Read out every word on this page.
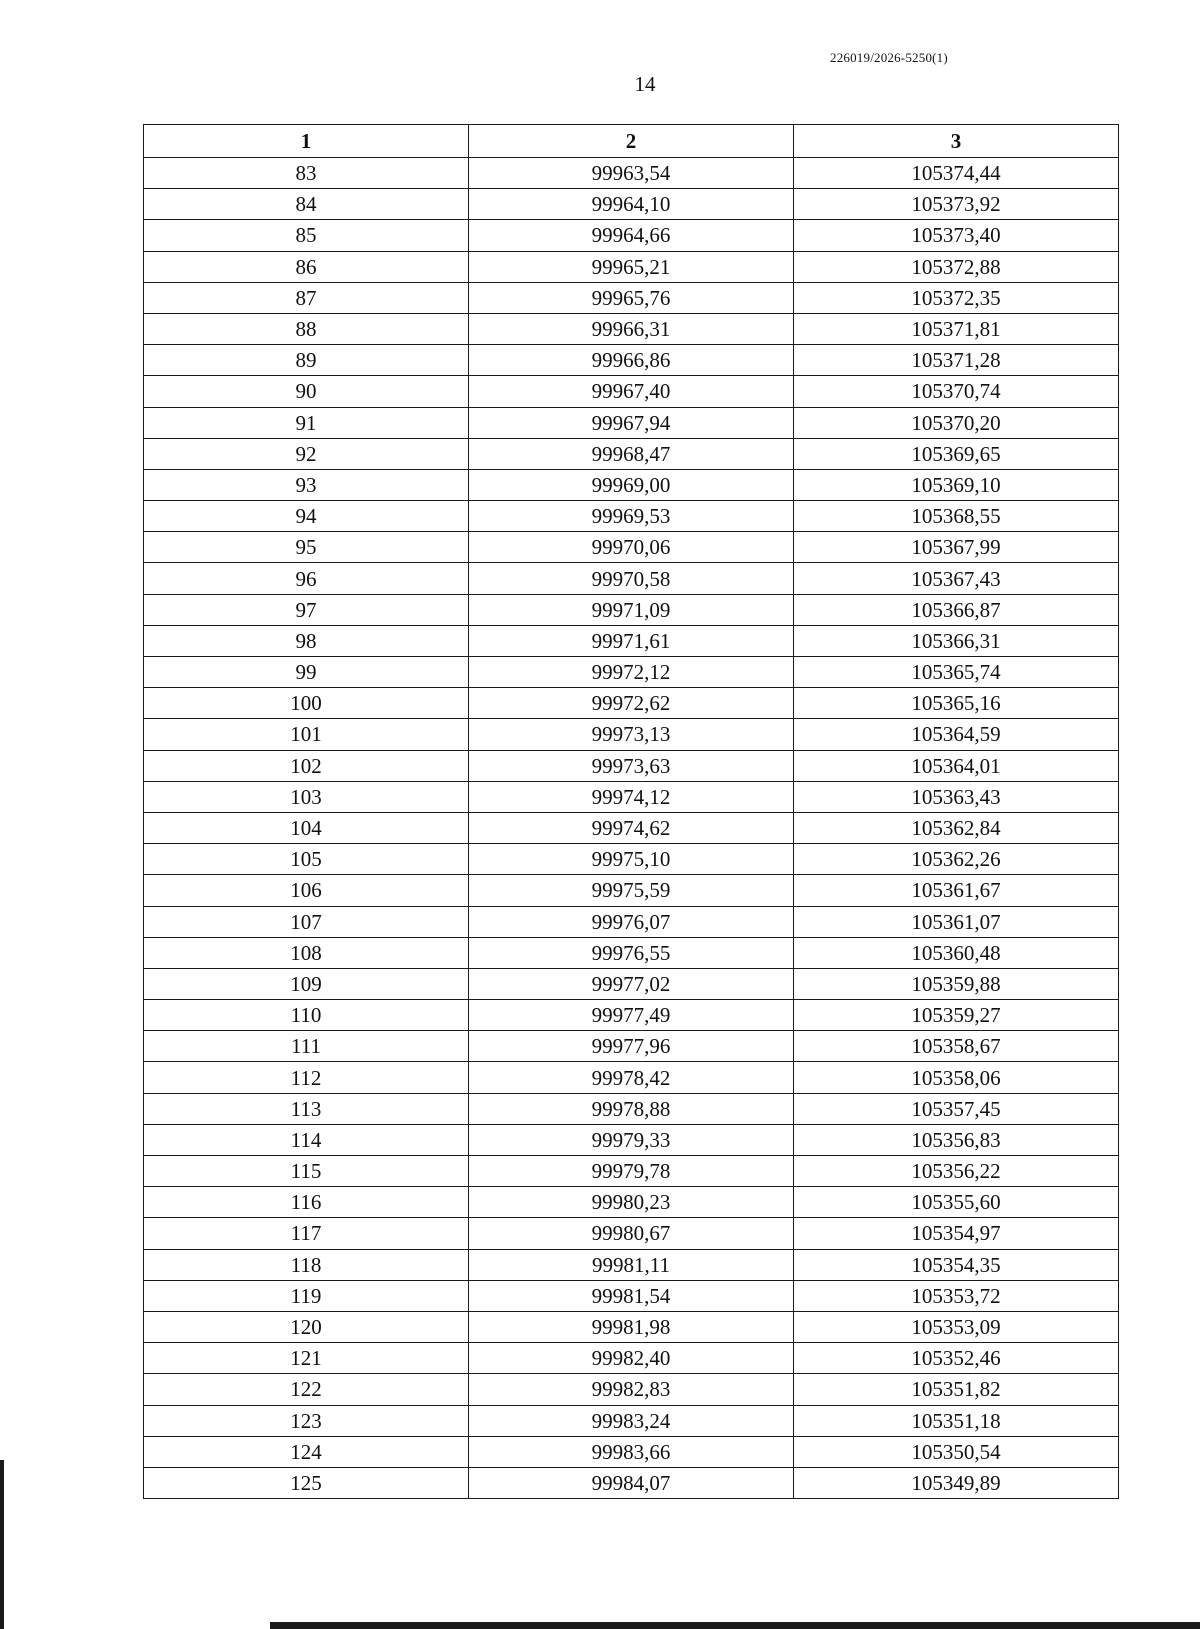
226019/2026-5250(1)
14
1	2	3
83	99963,54	105374,44
84	99964,10	105373,92
85	99964,66	105373,40
86	99965,21	105372,88
87	99965,76	105372,35
88	99966,31	105371,81
89	99966,86	105371,28
90	99967,40	105370,74
91	99967,94	105370,20
92	99968,47	105369,65
93	99969,00	105369,10
94	99969,53	105368,55
95	99970,06	105367,99
96	99970,58	105367,43
97	99971,09	105366,87
98	99971,61	105366,31
99	99972,12	105365,74
100	99972,62	105365,16
101	99973,13	105364,59
102	99973,63	105364,01
103	99974,12	105363,43
104	99974,62	105362,84
105	99975,10	105362,26
106	99975,59	105361,67
107	99976,07	105361,07
108	99976,55	105360,48
109	99977,02	105359,88
110	99977,49	105359,27
111	99977,96	105358,67
112	99978,42	105358,06
113	99978,88	105357,45
114	99979,33	105356,83
115	99979,78	105356,22
116	99980,23	105355,60
117	99980,67	105354,97
118	99981,11	105354,35
119	99981,54	105353,72
120	99981,98	105353,09
121	99982,40	105352,46
122	99982,83	105351,82
123	99983,24	105351,18
124	99983,66	105350,54
125	99984,07	105349,89
